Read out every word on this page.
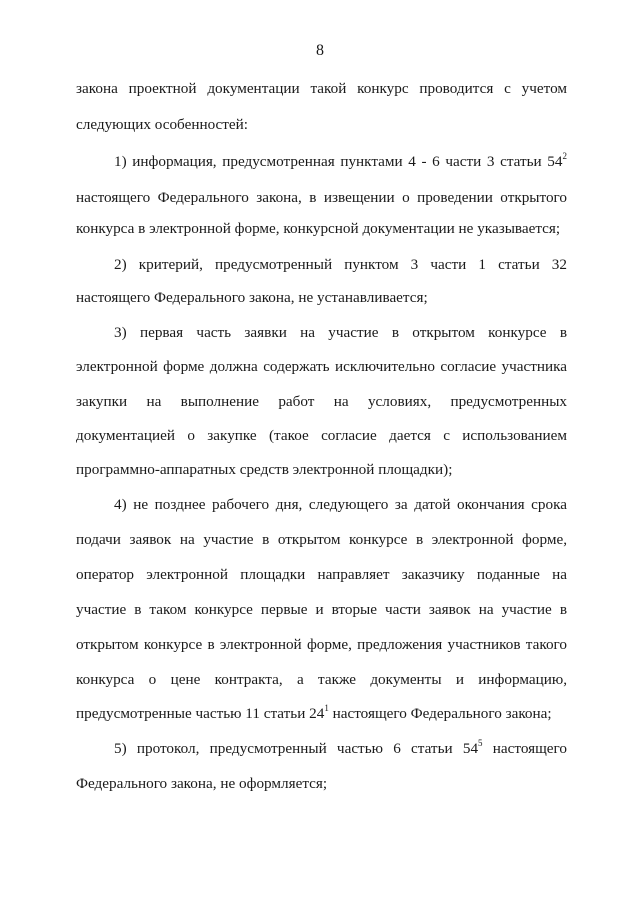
8
закона проектной документации такой конкурс проводится с учетом
следующих особенностей:
1) информация, предусмотренная пунктами 4 - 6 части 3 статьи $54^2$
настоящего Федерального закона, в извещении о проведении открытого
конкурса в электронной форме, конкурсной документации не указывается;
2) критерий, предусмотренный пунктом 3 части 1 статьи 32
настоящего Федерального закона, не устанавливается;
3) первая часть заявки на участие в открытом конкурсе в
электронной форме должна содержать исключительно согласие участника
закупки на выполнение работ на условиях, предусмотренных
документацией о закупке (такое согласие дается с использованием
программно-аппаратных средств электронной площадки);
4) не позднее рабочего дня, следующего за датой окончания срока
подачи заявок на участие в открытом конкурсе в электронной форме,
оператор электронной площадки направляет заказчику поданные на
участие в таком конкурсе первые и вторые части заявок на участие в
открытом конкурсе в электронной форме, предложения участников такого
конкурса о цене контракта, а также документы и информацию,
предусмотренные частью 11 статьи $24^1$ настоящего Федерального закона;
5) протокол, предусмотренный частью 6 статьи $54^5$ настоящего
Федерального закона, не оформляется;
